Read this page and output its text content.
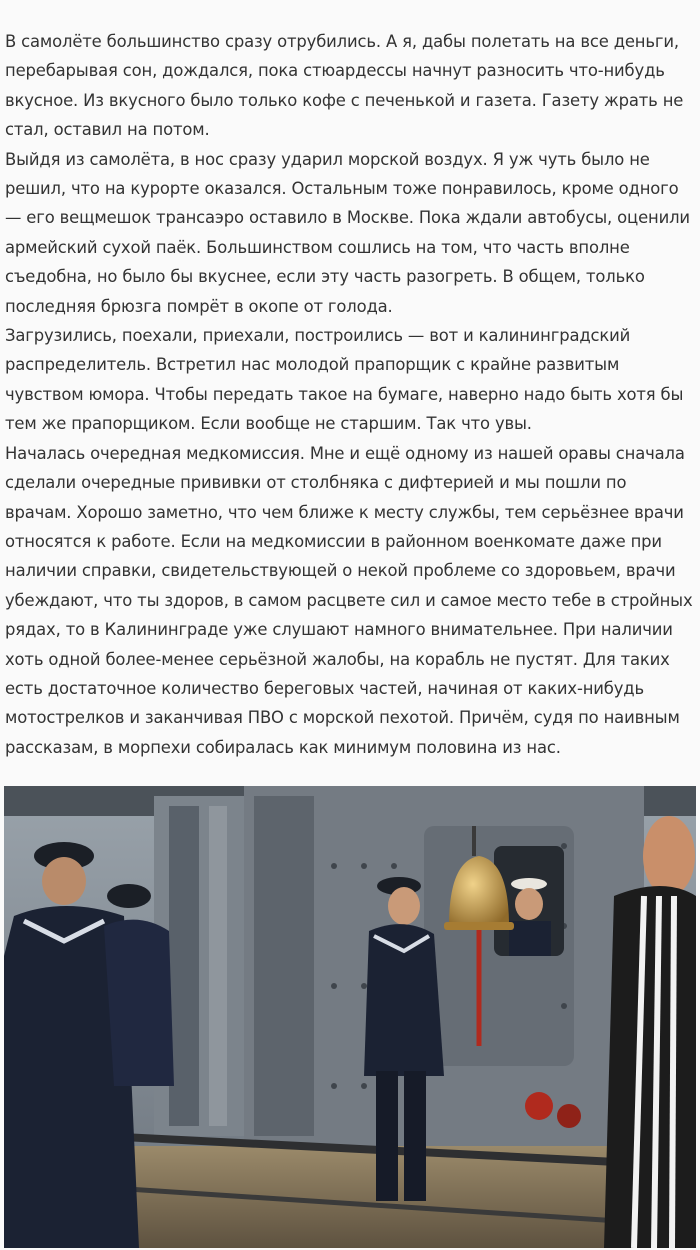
В самолёте большинство сразу отрубились. А я, дабы полетать на все деньги, перебарывая сон, дождался, пока стюардессы начнут разносить что-нибудь вкусное. Из вкусного было только кофе с печенькой и газета. Газету жрать не стал, оставил на потом.

Выйдя из самолёта, в нос сразу ударил морской воздух. Я уж чуть было не решил, что на курорте оказался. Остальным тоже понравилось, кроме одного — его вещмешок трансаэро оставило в Москве. Пока ждали автобусы, оценили армейский сухой паёк. Большинством сошлись на том, что часть вполне съедобна, но было бы вкуснее, если эту часть разогреть. В общем, только последняя брюзга помрёт в окопе от голода.

Загрузились, поехали, приехали, построились — вот и калининградский распределитель. Встретил нас молодой прапорщик с крайне развитым чувством юмора. Чтобы передать такое на бумаге, наверно надо быть хотя бы тем же прапорщиком. Если вообще не старшим. Так что увы.

Началась очередная медкомиссия. Мне и ещё одному из нашей оравы сначала сделали очередные прививки от столбняка с дифтерией и мы пошли по врачам. Хорошо заметно, что чем ближе к месту службы, тем серьёзнее врачи относятся к работе. Если на медкомиссии в районном военкомате даже при наличии справки, свидетельствующей о некой проблеме со здоровьем, врачи убеждают, что ты здоров, в самом расцвете сил и самое место тебе в стройных рядах, то в Калининграде уже слушают намного внимательнее. При наличии хоть одной более-менее серьёзной жалобы, на корабль не пустят. Для таких есть достаточное количество береговых частей, начиная от каких-нибудь мотострелков и заканчивая ПВО с морской пехотой. Причём, судя по наивным рассказам, в морпехи собиралась как минимум половина из нас.
